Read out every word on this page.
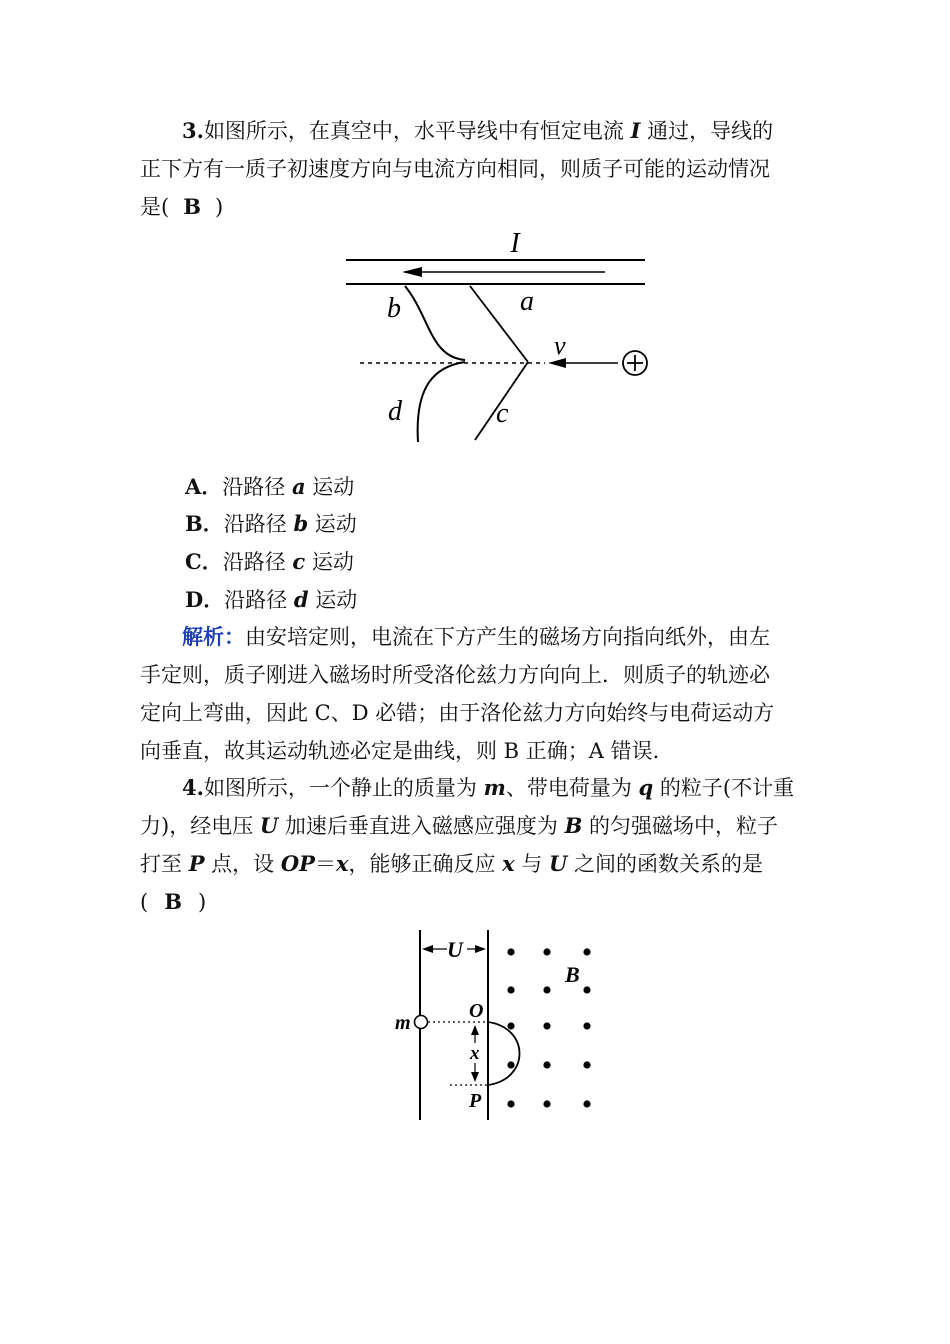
3.如图所示，在真空中，水平导线中有恒定电流 I 通过，导线的
正下方有一质子初速度方向与电流方向相同，则质子可能的运动情况
是( B )
I
a
b
c
d
v
A．沿路径 a 运动
B．沿路径 b 运动
C．沿路径 c 运动
D．沿路径 d 运动
解析：由安培定则，电流在下方产生的磁场方向指向纸外，由左
手定则，质子刚进入磁场时所受洛伦兹力方向向上．则质子的轨迹必
定向上弯曲，因此 C、D 必错；由于洛伦兹力方向始终与电荷运动方
向垂直，故其运动轨迹必定是曲线，则 B 正确；A 错误．
4.如图所示，一个静止的质量为 m、带电荷量为 q 的粒子(不计重
力)，经电压 U 加速后垂直进入磁感应强度为 B 的匀强磁场中，粒子
打至 P 点，设 OP＝x，能够正确反应 x 与 U 之间的函数关系的是
( B )
U
m
O
P
x
B
